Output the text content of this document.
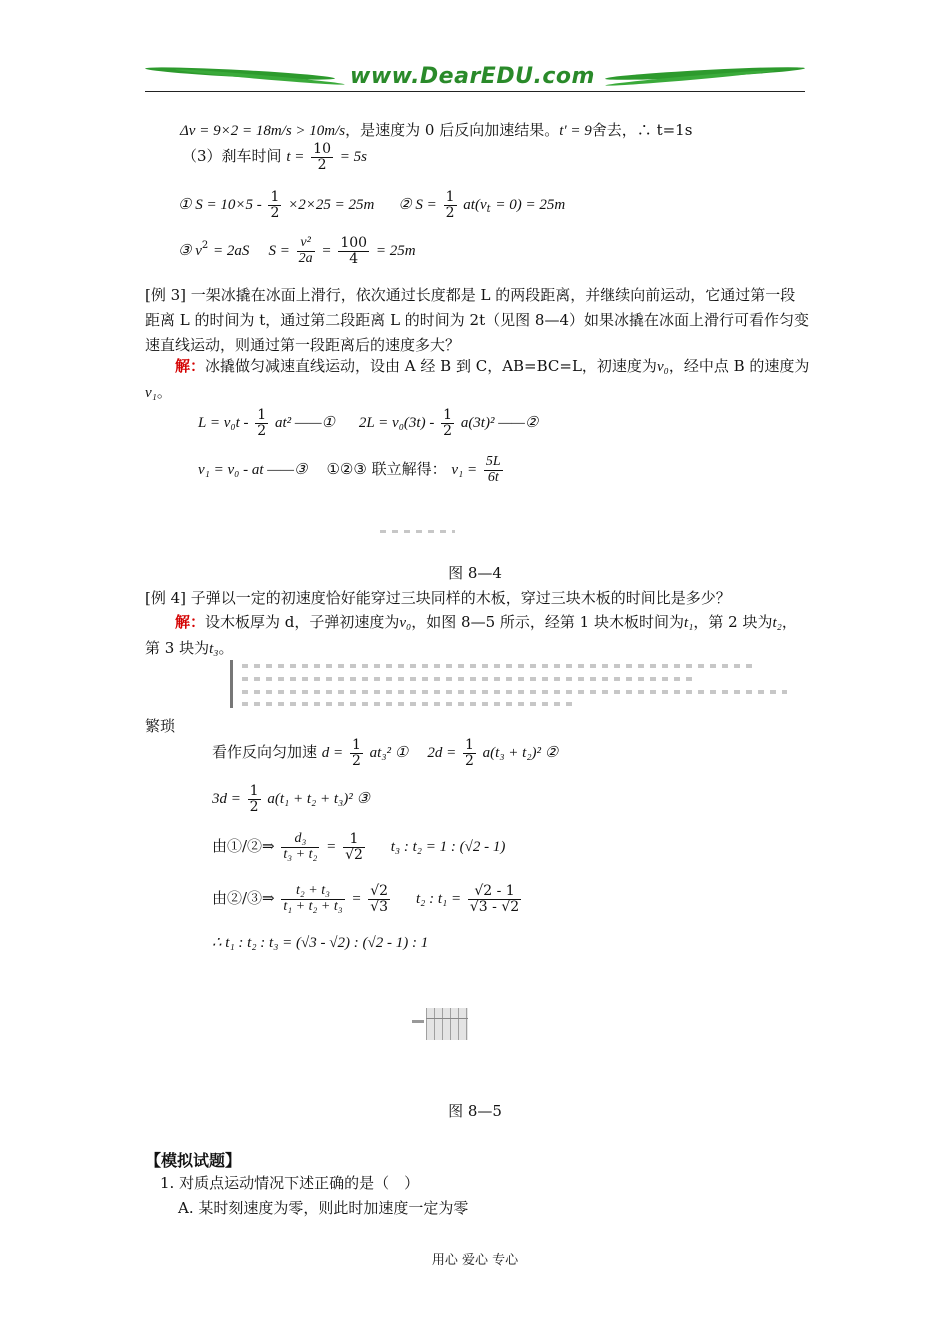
www.DearEDU.com
Δv = 9×2 = 18m/s > 10m/s，是速度为 0 后反向加速结果。t′ = 9舍去，∴ t=1s
（3）刹车时间 $t = \frac{10}{2} = 5s$
① $S = 10\times 5 - \frac{1}{2} \times 2\times 25 = 25m$ ② $S = \frac{1}{2} at(v_t = 0) = 25m$
③ $v^2 = 2aS$ $S = \frac{\text{v²}}{2a} = \frac{100}{4} = 25m$
[例 3] 一架冰撬在冰面上滑行，依次通过长度都是 L 的两段距离，并继续向前运动，它通过第一段距离 L 的时间为 t，通过第二段距离 L 的时间为 2t（见图 8—4）如果冰撬在冰面上滑行可看作匀变速直线运动，则通过第一段距离后的速度多大？
解：冰撬做匀减速直线运动，设由 A 经 B 到 C，AB=BC=L，初速度为v₀，经中点 B 的速度为v₁。
$L = v_0t - \frac{1}{2} at^2$ ——① $2L = v_0(3t) - \frac{1}{2} a(3t)^2$ ——②
v₁ = v₀ - at ——③ ①②③ 联立解得： $v_1 = \frac{5L}{6t}$
图 8—4
[例 4] 子弹以一定的初速度恰好能穿过三块同样的木板，穿过三块木板的时间比是多少？
解：设木板厚为 d，子弹初速度为v₀，如图 8—5 所示，经第 1 块木板时间为t₁，第 2 块为t₂，第 3 块为t₃。
繁琐
看作反向匀加速 $d = \frac{1}{2} at_3^2$ ① $2d = \frac{1}{2} a(t_3 + t_2)^2$ ②
$3d = \frac{1}{2} a(t_1 + t_2 + t_3)^2$ ③
由①/②⇒ $\frac{\text{d₃}}{\text{t₃ + t₂}} = \frac{1}{√2} t_3$ : t₂ = 1 : (√2 - 1)
由②/③⇒ $\frac{\text{t₂ + t₃}}{\text{t₁ + t₂ + t₃}} = \frac{√2}{√3} t_2$ : $t_1 = \frac{√2 - 1}{√3 - √2}$
∴ t₁ : t₂ : t₃ = (√3 - √2) : (√2 - 1) : 1
图 8—5
【模拟试题】
1. 对质点运动情况下述正确的是（　）
A. 某时刻速度为零，则此时加速度一定为零
用心 爱心 专心
